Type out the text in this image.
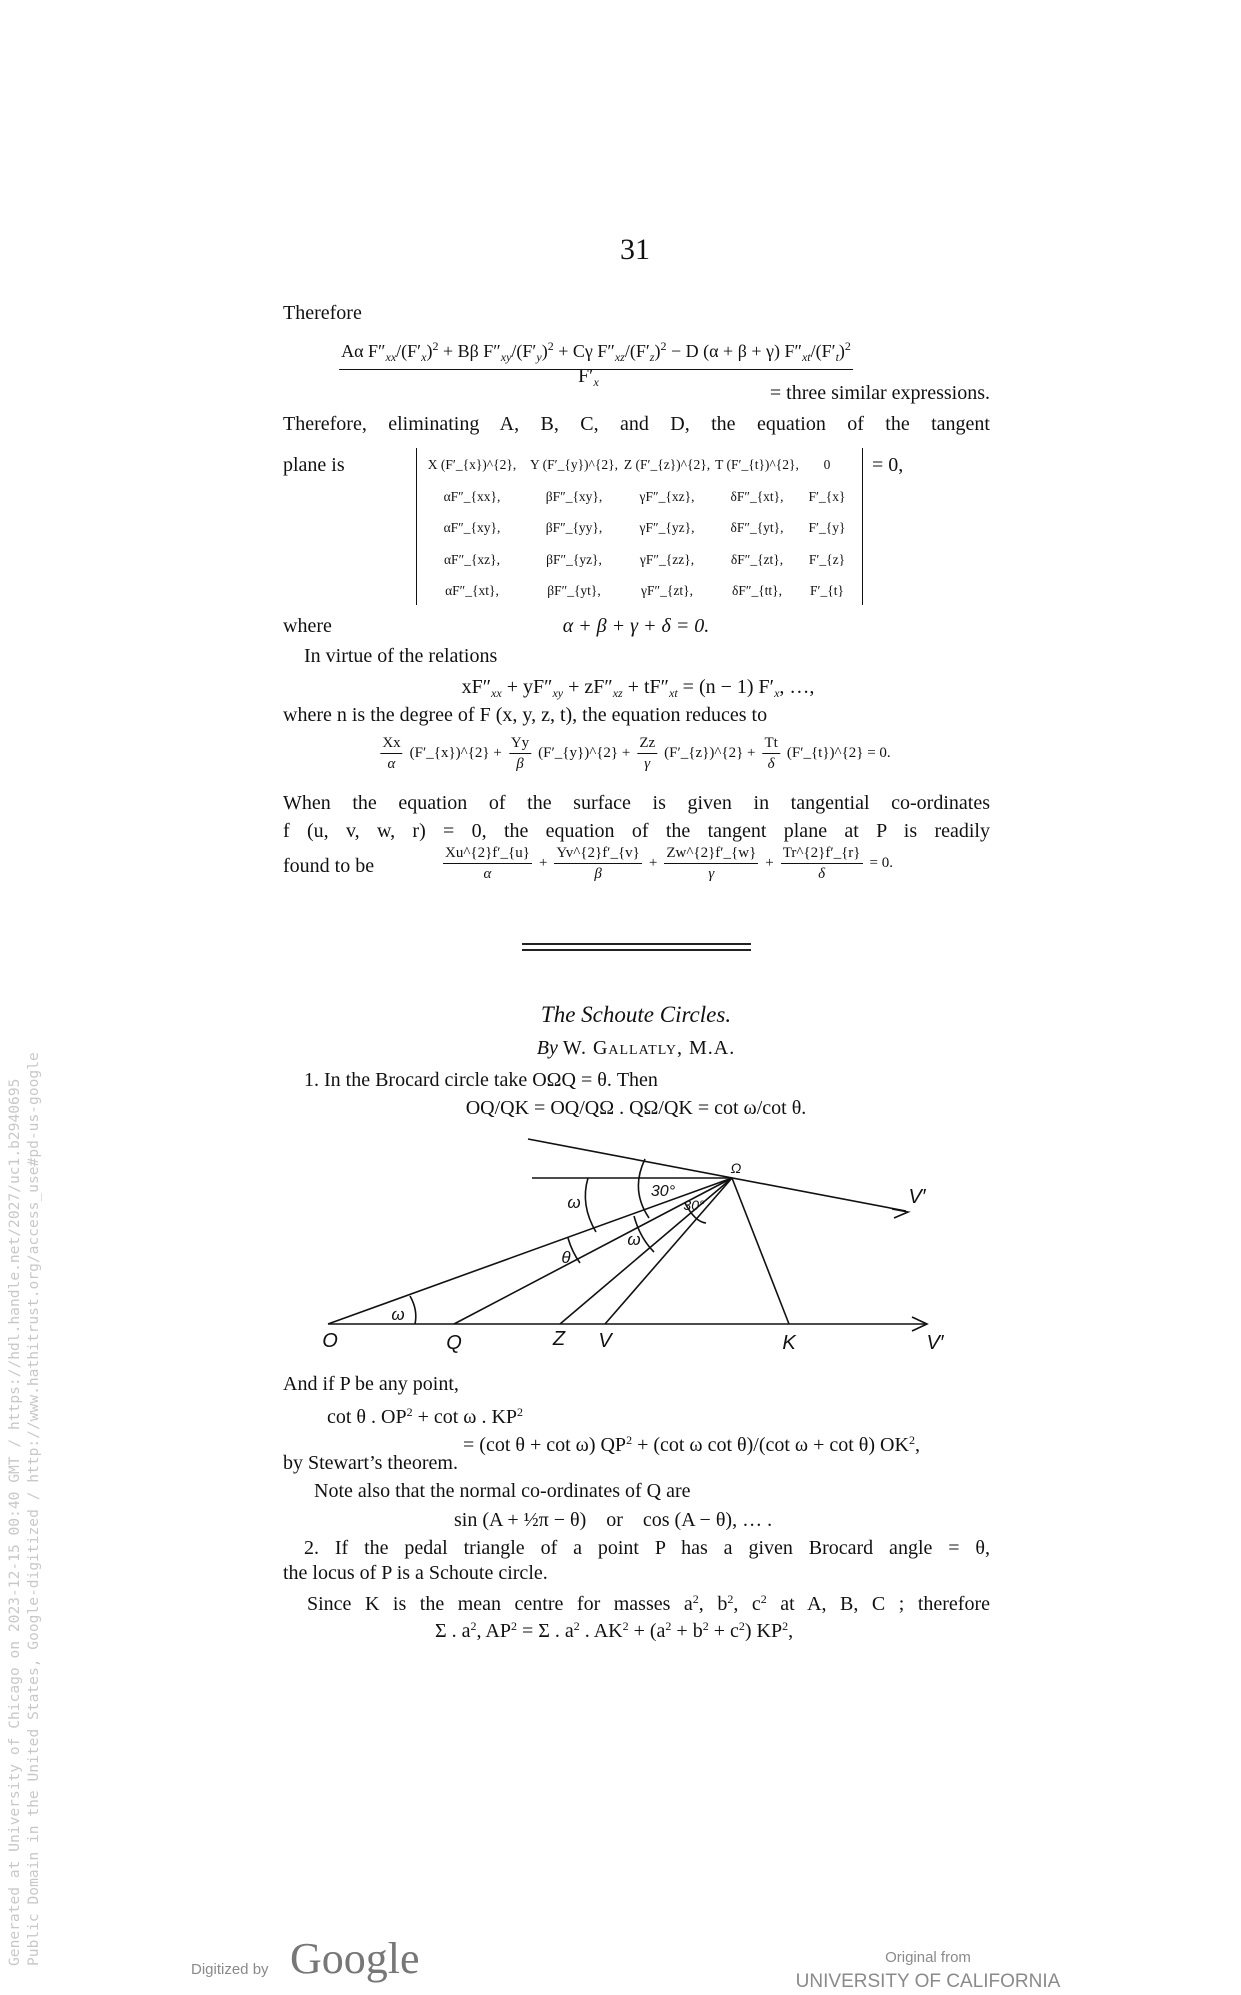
Generated at University of Chicago on 2023-12-15 00:40 GMT / https://hdl.handle.net/2027/uc1.b2940695 Public Domain in the United States, Google-digitized / http://www.hathitrust.org/access_use#pd-us-google
31
Therefore
Aα $F''_{xx}/(F'_x)^2 + B\beta$ $F''_{xy}/(F'_y)^2 + C\gamma$ $F''_{xz}/(F'_z)^2 - D$ (α + β + γ) $F''_{xt}/(F'_t)^2$
$F'_x$	= three similar expressions.
Therefore, eliminating A, B, C, and D, the equation of the tangent
plane is	X (F′_{x})^{2}, Y (F′_{y})^{2}, Z (F′_{z})^{2}, T (F′_{t})^{2}, 0
αF″_{xx},	βF″_{xy},	γF″_{xz},	δF″_{xt}, F′_{x}
αF″_{xy},	βF″_{yy},	γF″_{yz},	δF″_{yt}, F′_{y}
αF″_{xz},	βF″_{yz},	γF″_{zz},	δF″_{zt}, F′_{z}
αF″_{xt},	βF″_{yt},	γF″_{zt},	δF″_{tt}, F′_{t}
= 0,
where	α + β + γ + δ = 0.
In virtue of the relations
$xF''_{xx} + yF''_{xy} + zF''_{xz} + tF''_{xt} = (n - 1)$ $F'_x$, …,
where n is the degree of F (x, y, z, t), the equation reduces to
$\frac{Xx}{\alpha}$ (F′_{x})^{2} + $\frac{Yy}{\beta}$ (F′_{y})^{2} + $\frac{Zz}{\gamma}$ (F′_{z})^{2} + $\frac{Tt}{\delta}$ (F′_{t})^{2} = 0.
When the equation of the surface is given in tangential co-ordinates
f (u, v, w, r) = 0, the equation of the tangent plane at P is readily
found to be	$\frac{Xu\^{}\{2\}f'\_\{u\}}{\alpha} + \frac{Yv\^{}\{2\}f'\_\{v\}}{\beta} + \frac{Zw\^{}\{2\}f'\_\{w\}}{\gamma} + \frac{Tr\^{}\{2\}f'\_\{r\}}{\delta} = 0$.
The Schoute Circles.
By W. Gallatly, M.A.
1. In the Brocard circle take OΩQ = θ. Then
OQ/QK = OQ/QΩ . QΩ/QK = cot ω/cot θ.
O	Q	Z V	K	V′
V′
Ω
30°
30°
ω
ω
θ
ω
And if P be any point,
cot θ . $OP^2 + \cot \omega$ . $KP^2$
= (cot θ + cot ω) $QP^2 + (\cot$ ω cot θ)/(cot ω + cot θ) $OK^2$,
by Stewart’s theorem.
Note also that the normal co-ordinates of Q are
sin (A + ½π − θ)    or    cos (A − θ), … .
2. If the pedal triangle of a point P has a given Brocard angle = θ,
the locus of P is a Schoute circle.
Since K is the mean centre for masses $a^2$, $b^2$, $c^2$ at A, B, C ; therefore
Σ . $a^2$, $AP^2 = \Sigma$ . $a^2$ . $AK^2 + (a^2 + b^2 + c^2)$ $KP^2$,
Digitized by Google	Original from
UNIVERSITY OF CALIFORNIA
